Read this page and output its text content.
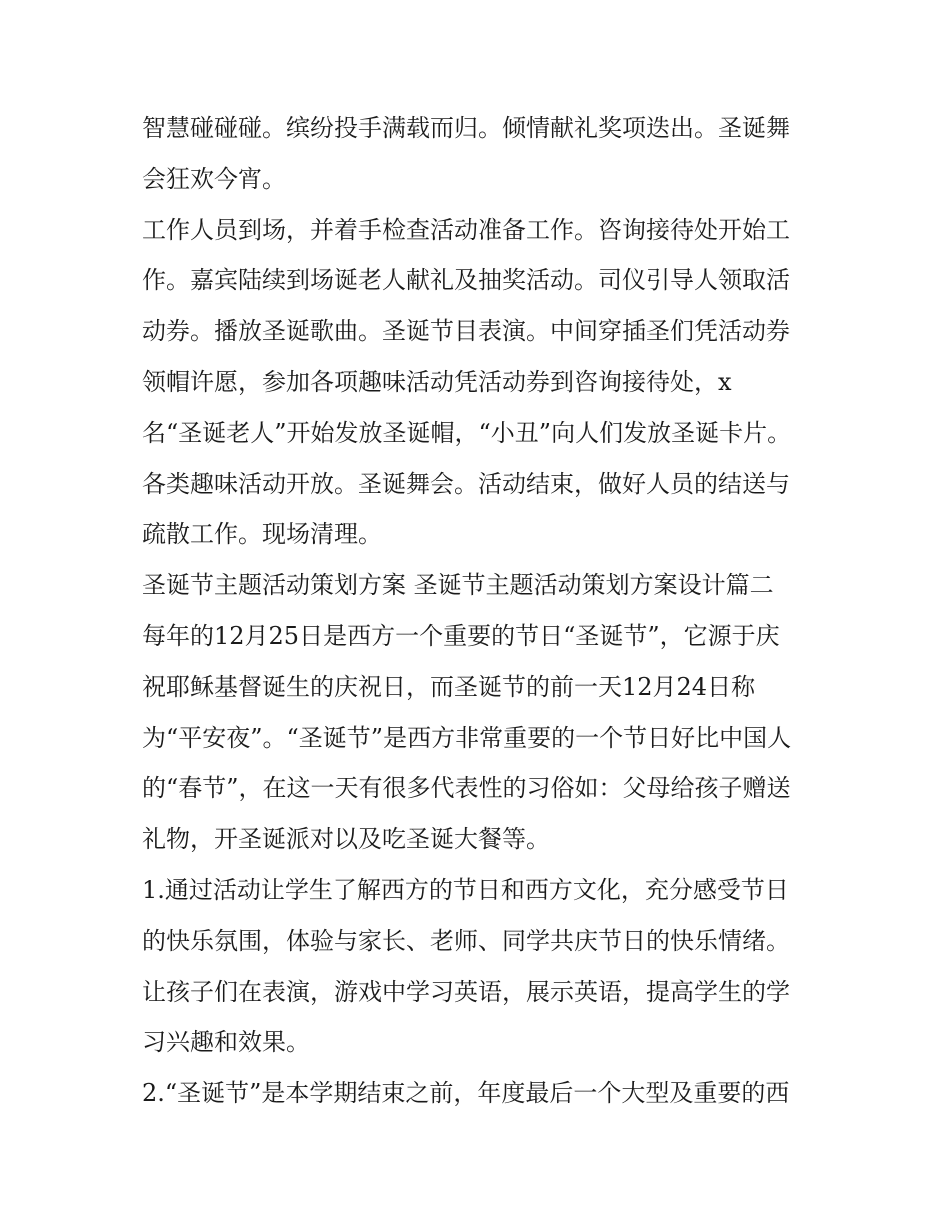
智慧碰碰碰。缤纷投手满载而归。倾情献礼奖项迭出。圣诞舞
会狂欢今宵。
工作人员到场，并着手检查活动准备工作。咨询接待处开始工
作。嘉宾陆续到场诞老人献礼及抽奖活动。司仪引导人领取活
动券。播放圣诞歌曲。圣诞节目表演。中间穿插圣们凭活动券
领帽许愿，参加各项趣味活动凭活动券到咨询接待处，x
名“圣诞老人”开始发放圣诞帽，“小丑”向人们发放圣诞卡片。
各类趣味活动开放。圣诞舞会。活动结束，做好人员的结送与
疏散工作。现场清理。
圣诞节主题活动策划方案 圣诞节主题活动策划方案设计篇二
每年的12月25日是西方一个重要的节日“圣诞节”，它源于庆
祝耶稣基督诞生的庆祝日，而圣诞节的前一天12月24日称
为“平安夜”。“圣诞节”是西方非常重要的一个节日好比中国人
的“春节”，在这一天有很多代表性的习俗如：父母给孩子赠送
礼物，开圣诞派对以及吃圣诞大餐等。
1.通过活动让学生了解西方的节日和西方文化，充分感受节日
的快乐氛围，体验与家长、老师、同学共庆节日的快乐情绪。
让孩子们在表演，游戏中学习英语，展示英语，提高学生的学
习兴趣和效果。
2.“圣诞节”是本学期结束之前，年度最后一个大型及重要的西
